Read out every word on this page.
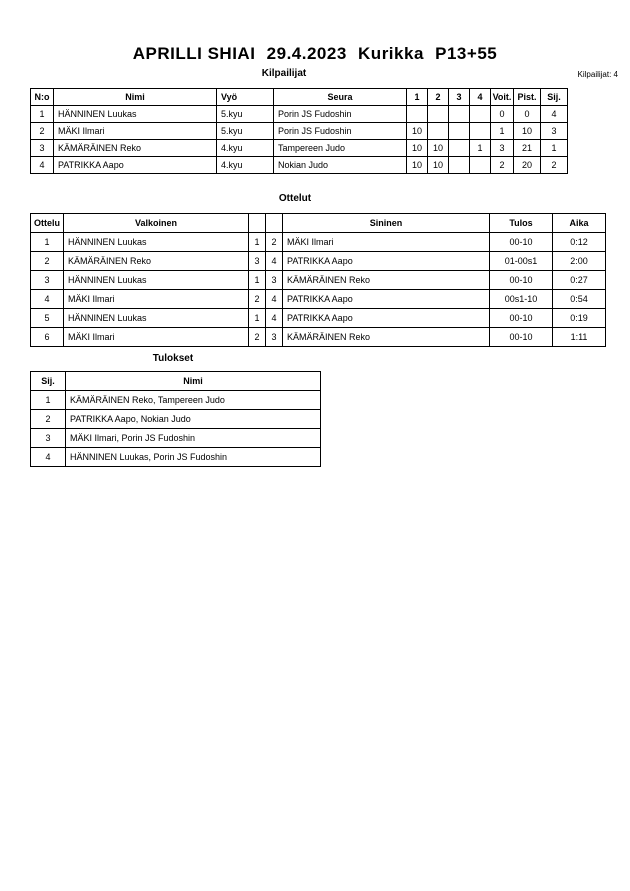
APRILLI SHIAI 29.4.2023 Kurikka P13+55
Kilpailijat	Kilpailijat: 4
N:o	Nimi	Vyö	Seura	1	2	3	4	Voit.	Pist.	Sij.
1	HÄNNINEN Luukas	5.kyu	Porin JS Fudoshin					0	0	4
2	MÄKI Ilmari	5.kyu	Porin JS Fudoshin	10				1	10	3
3	KÄMÄRÄINEN Reko	4.kyu	Tampereen Judo	10	10		1	3	21	1
4	PATRIKKA Aapo	4.kyu	Nokian Judo	10	10			2	20	2
Ottelut
Ottelu	Valkoinen			Sininen	Tulos	Aika
1	HÄNNINEN Luukas	1	2	MÄKI Ilmari	00-10	0:12
2	KÄMÄRÄINEN Reko	3	4	PATRIKKA Aapo	01-00s1	2:00
3	HÄNNINEN Luukas	1	3	KÄMÄRÄINEN Reko	00-10	0:27
4	MÄKI Ilmari	2	4	PATRIKKA Aapo	00s1-10	0:54
5	HÄNNINEN Luukas	1	4	PATRIKKA Aapo	00-10	0:19
6	MÄKI Ilmari	2	3	KÄMÄRÄINEN Reko	00-10	1:11
Tulokset
Sij.	Nimi
1	KÄMÄRÄINEN Reko, Tampereen Judo
2	PATRIKKA Aapo, Nokian Judo
3	MÄKI Ilmari, Porin JS Fudoshin
4	HÄNNINEN Luukas, Porin JS Fudoshin
